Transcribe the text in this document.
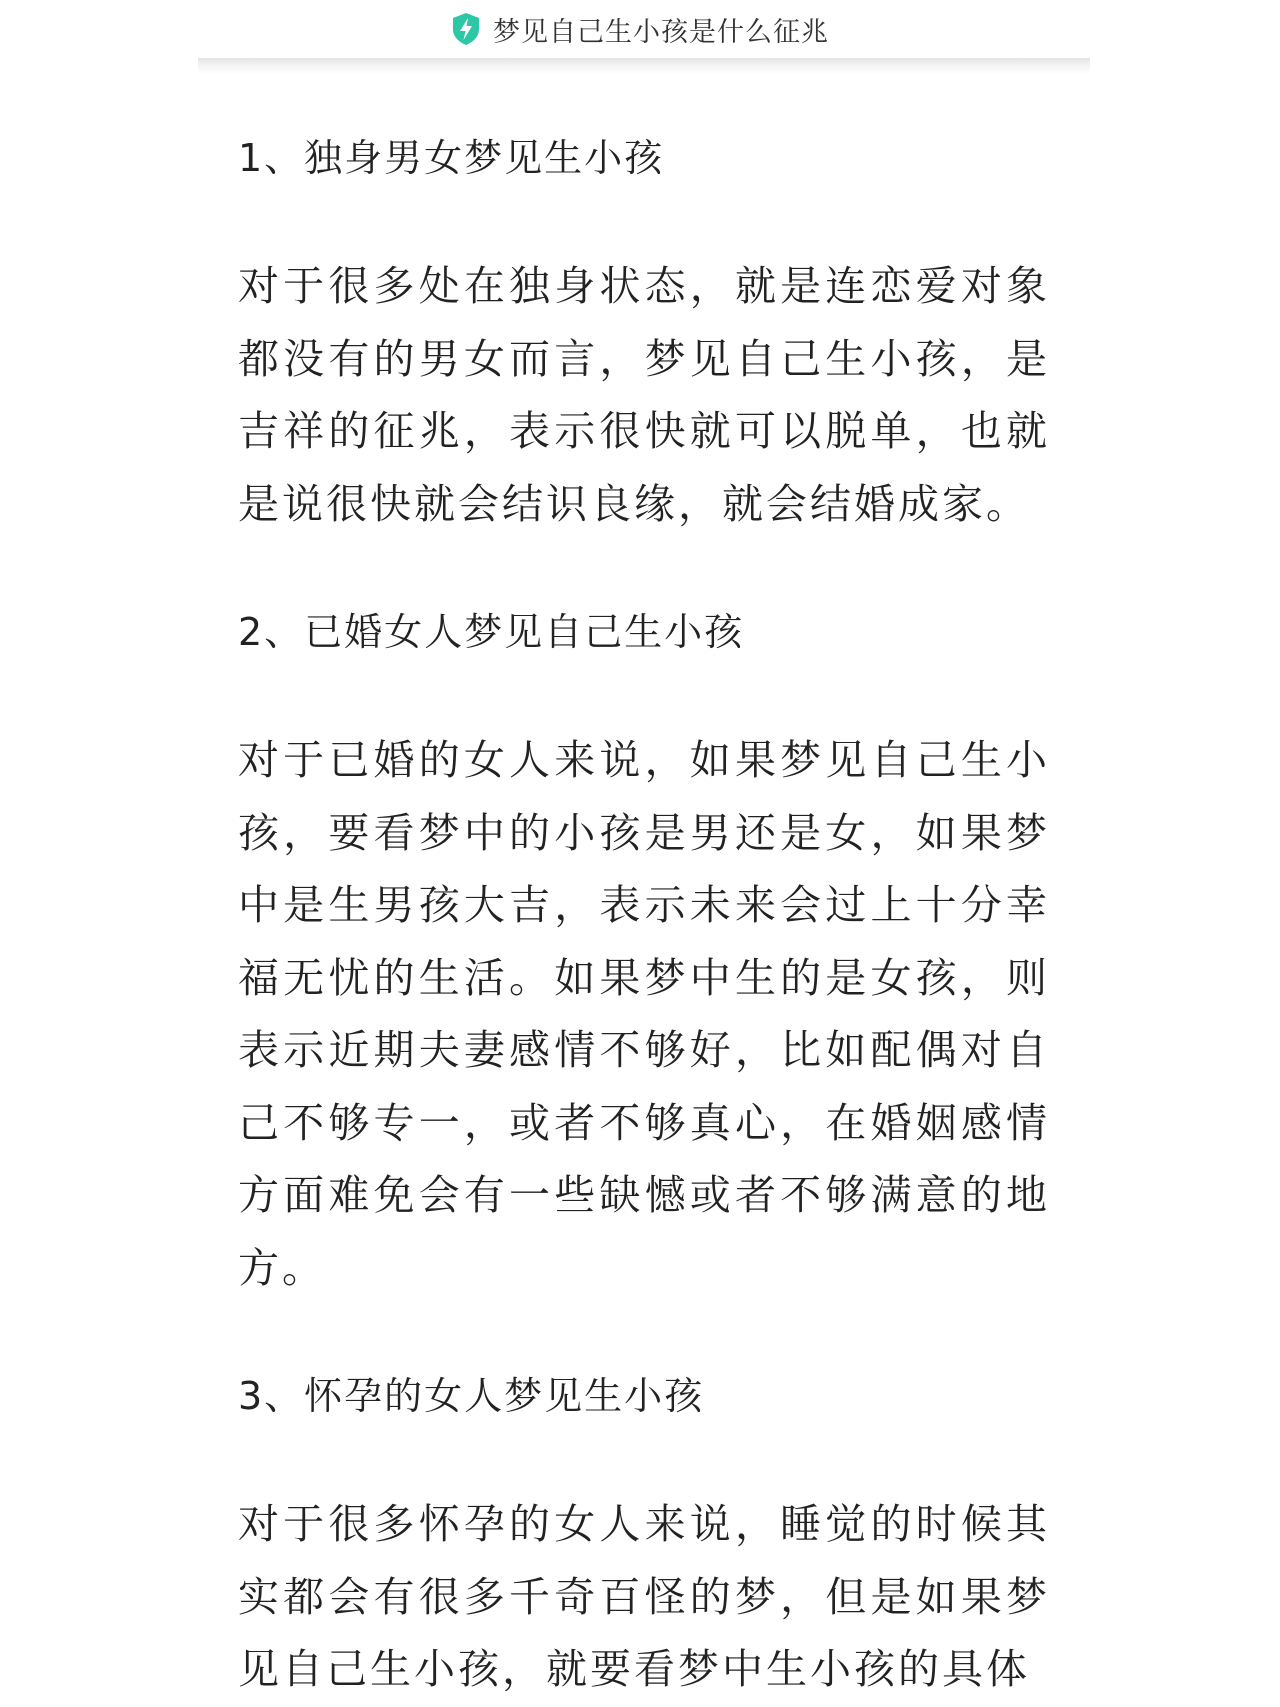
梦见自己生小孩是什么征兆
1、独身男女梦见生小孩

对于很多处在独身状态，就是连恋爱对象都没有的男女而言，梦见自己生小孩，是吉祥的征兆，表示很快就可以脱单，也就是说很快就会结识良缘，就会结婚成家。

2、已婚女人梦见自己生小孩

对于已婚的女人来说，如果梦见自己生小孩，要看梦中的小孩是男还是女，如果梦中是生男孩大吉，表示未来会过上十分幸福无忧的生活。如果梦中生的是女孩，则表示近期夫妻感情不够好，比如配偶对自己不够专一，或者不够真心，在婚姻感情方面难免会有一些缺憾或者不够满意的地方。

3、怀孕的女人梦见生小孩

对于很多怀孕的女人来说，睡觉的时候其实都会有很多千奇百怪的梦，但是如果梦见自己生小孩，就要看梦中生小孩的具体
